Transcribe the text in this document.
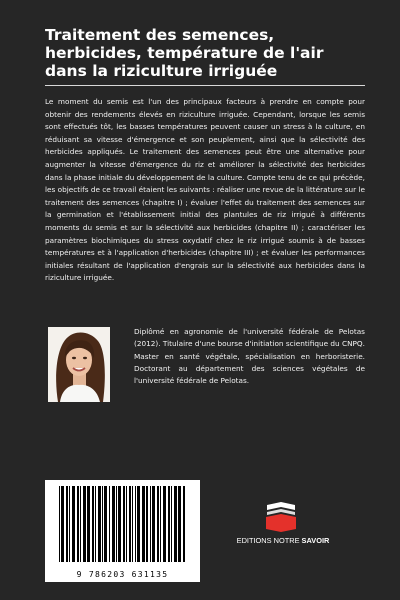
Traitement des semences, herbicides, température de l'air dans la riziculture irriguée

Le moment du semis est l'un des principaux facteurs à prendre en compte pour obtenir des rendements élevés en riziculture irriguée. Cependant, lorsque les semis sont effectués tôt, les basses températures peuvent causer un stress à la culture, en réduisant sa vitesse d'émergence et son peuplement, ainsi que la sélectivité des herbicides appliqués. Le traitement des semences peut être une alternative pour augmenter la vitesse d'émergence du riz et améliorer la sélectivité des herbicides dans la phase initiale du développement de la culture. Compte tenu de ce qui précède, les objectifs de ce travail étaient les suivants : réaliser une revue de la littérature sur le traitement des semences (chapitre I) ; évaluer l'effet du traitement des semences sur la germination et l'établissement initial des plantules de riz irrigué à différents moments du semis et sur la sélectivité aux herbicides (chapitre II) ; caractériser les paramètres biochimiques du stress oxydatif chez le riz irrigué soumis à de basses températures et à l'application d'herbicides (chapitre III) ; et évaluer les performances initiales résultant de l'application d'engrais sur la sélectivité aux herbicides dans la riziculture irriguée.

Diplômé en agronomie de l'université fédérale de Pelotas (2012). Titulaire d'une bourse d'initiation scientifique du CNPQ. Master en santé végétale, spécialisation en herboristerie. Doctorant au département des sciences végétales de l'université fédérale de Pelotas.

9 786203 631135
EDITIONS NOTRE SAVOIR
